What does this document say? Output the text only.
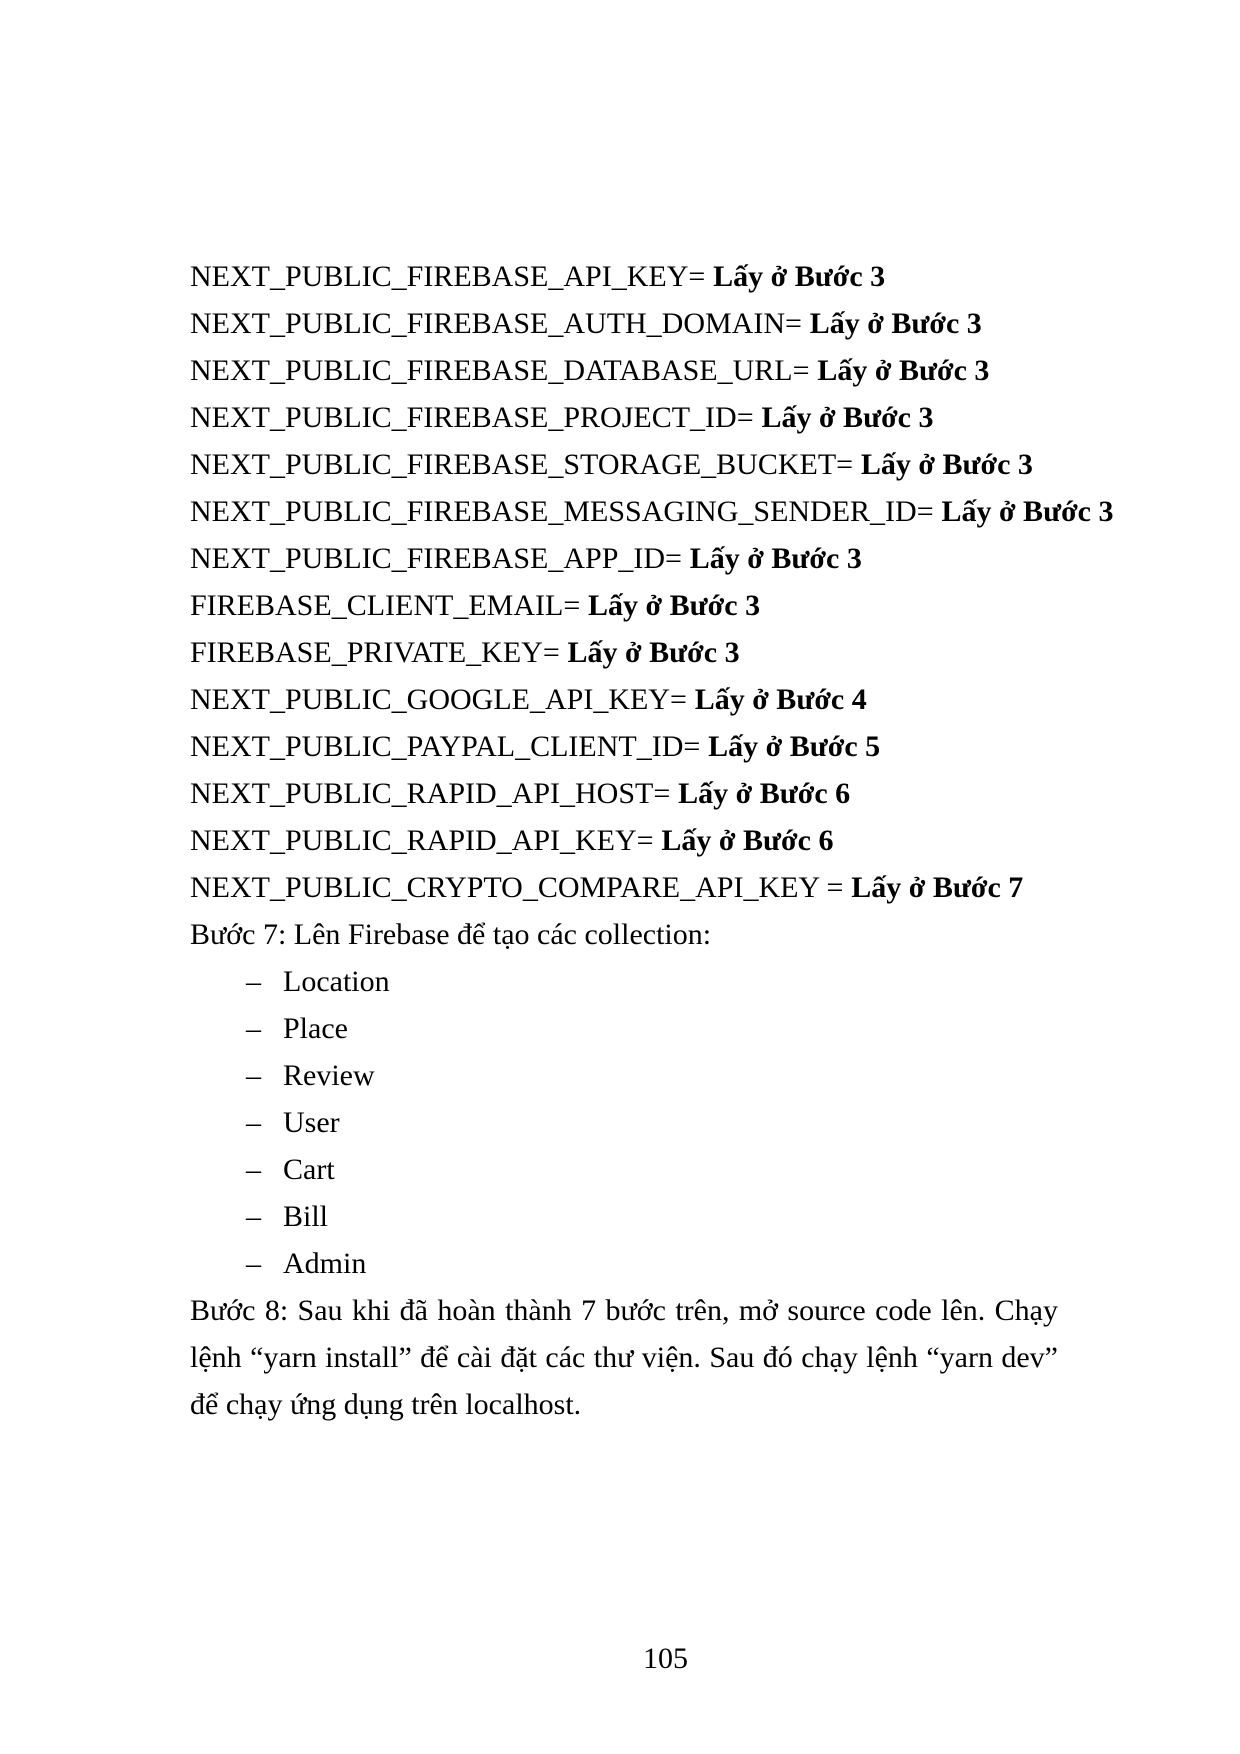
NEXT_PUBLIC_FIREBASE_API_KEY= Lấy ở Bước 3
NEXT_PUBLIC_FIREBASE_AUTH_DOMAIN= Lấy ở Bước 3
NEXT_PUBLIC_FIREBASE_DATABASE_URL= Lấy ở Bước 3
NEXT_PUBLIC_FIREBASE_PROJECT_ID= Lấy ở Bước 3
NEXT_PUBLIC_FIREBASE_STORAGE_BUCKET= Lấy ở Bước 3
NEXT_PUBLIC_FIREBASE_MESSAGING_SENDER_ID= Lấy ở Bước 3
NEXT_PUBLIC_FIREBASE_APP_ID= Lấy ở Bước 3
FIREBASE_CLIENT_EMAIL= Lấy ở Bước 3
FIREBASE_PRIVATE_KEY= Lấy ở Bước 3
NEXT_PUBLIC_GOOGLE_API_KEY= Lấy ở Bước 4
NEXT_PUBLIC_PAYPAL_CLIENT_ID= Lấy ở Bước 5
NEXT_PUBLIC_RAPID_API_HOST= Lấy ở Bước 6
NEXT_PUBLIC_RAPID_API_KEY= Lấy ở Bước 6
NEXT_PUBLIC_CRYPTO_COMPARE_API_KEY = Lấy ở Bước 7
Bước 7: Lên Firebase để tạo các collection:
– Location
– Place
– Review
– User
– Cart
– Bill
– Admin
Bước 8: Sau khi đã hoàn thành 7 bước trên, mở source code lên. Chạy lệnh “yarn install” để cài đặt các thư viện. Sau đó chạy lệnh “yarn dev” để chạy ứng dụng trên localhost.
105
